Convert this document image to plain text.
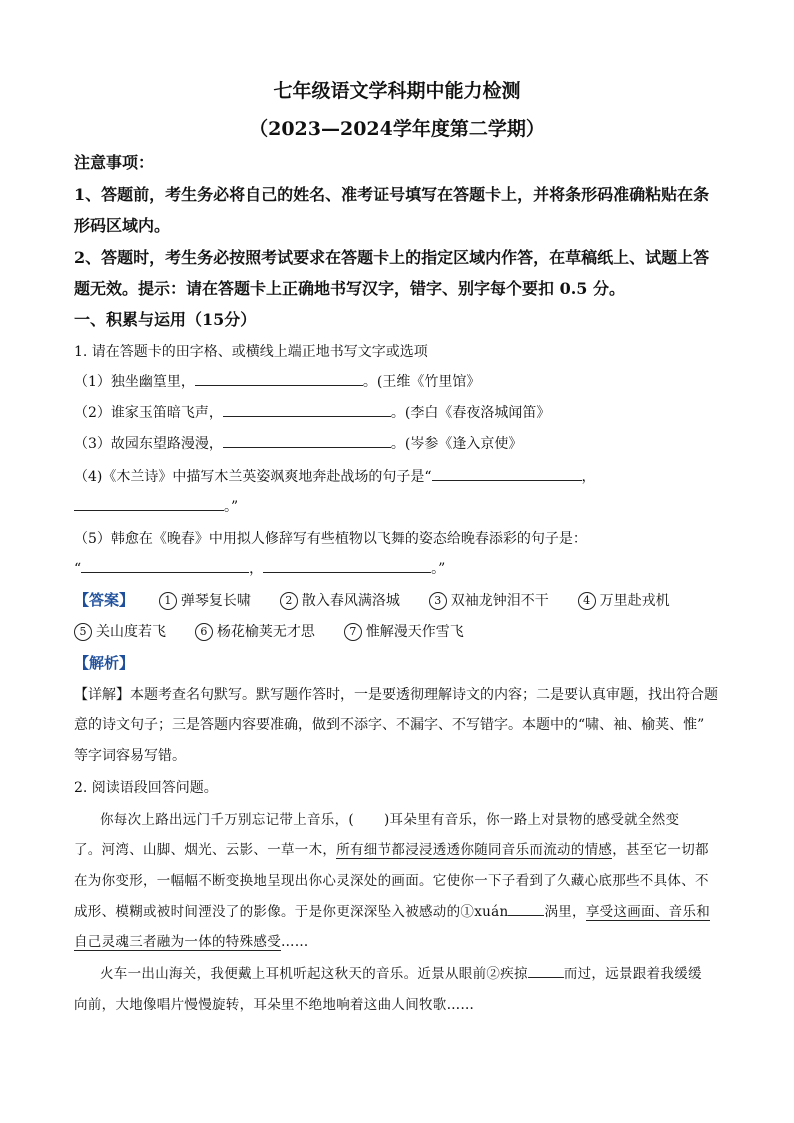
七年级语文学科期中能力检测
（2023—2024学年度第二学期）
注意事项：
1、答题前，考生务必将自己的姓名、准考证号填写在答题卡上，并将条形码准确粘贴在条
形码区域内。
2、答题时，考生务必按照考试要求在答题卡上的指定区域内作答，在草稿纸上、试题上答
题无效。提示：请在答题卡上正确地书写汉字，错字、别字每个要扣 0.5 分。
一、积累与运用（15分）
1. 请在答题卡的田字格、或横线上端正地书写文字或选项
（1）独坐幽篁里，	。(王维《竹里馆》
（2）谁家玉笛暗飞声，	。(李白《春夜洛城闻笛》
（3）故园东望路漫漫，	。(岑参《逢入京使》
（4)《木兰诗》中描写木兰英姿飒爽地奔赴战场的句子是“	，
。”
（5）韩愈在《晚春》中用拟人修辞写有些植物以飞舞的姿态给晚春添彩的句子是：
“	，	。”
【答案】	1 弹琴复长啸	2 散入春风满洛城	3 双袖龙钟泪不干	4 万里赴戎机
5 关山度若飞	6 杨花榆荚无才思	7 惟解漫天作雪飞
【解析】
【详解】本题考查名句默写。默写题作答时，一是要透彻理解诗文的内容；二是要认真审题，找出符合题
意的诗文句子；三是答题内容要准确，做到不添字、不漏字、不写错字。本题中的“啸、袖、榆荚、惟”
等字词容易写错。
2. 阅读语段回答问题。
你每次上路出远门千万别忘记带上音乐，( )耳朵里有音乐，你一路上对景物的感受就全然变
了。河湾、山脚、烟光、云影、一草一木，所有细节都浸浸透透你随同音乐而流动的情感，甚至它一切都
在为你变形，一幅幅不断变换地呈现出你心灵深处的画面。它使你一下子看到了久藏心底那些不具体、不
成形、模糊或被时间湮没了的影像。于是你更深深坠入被感动的①xuán	涡里，享受这画面、音乐和
自己灵魂三者融为一体的特殊感受……
火车一出山海关，我便戴上耳机听起这秋天的音乐。近景从眼前②疾掠	而过，远景跟着我缓缓
向前，大地像唱片慢慢旋转，耳朵里不绝地响着这曲人间牧歌……
